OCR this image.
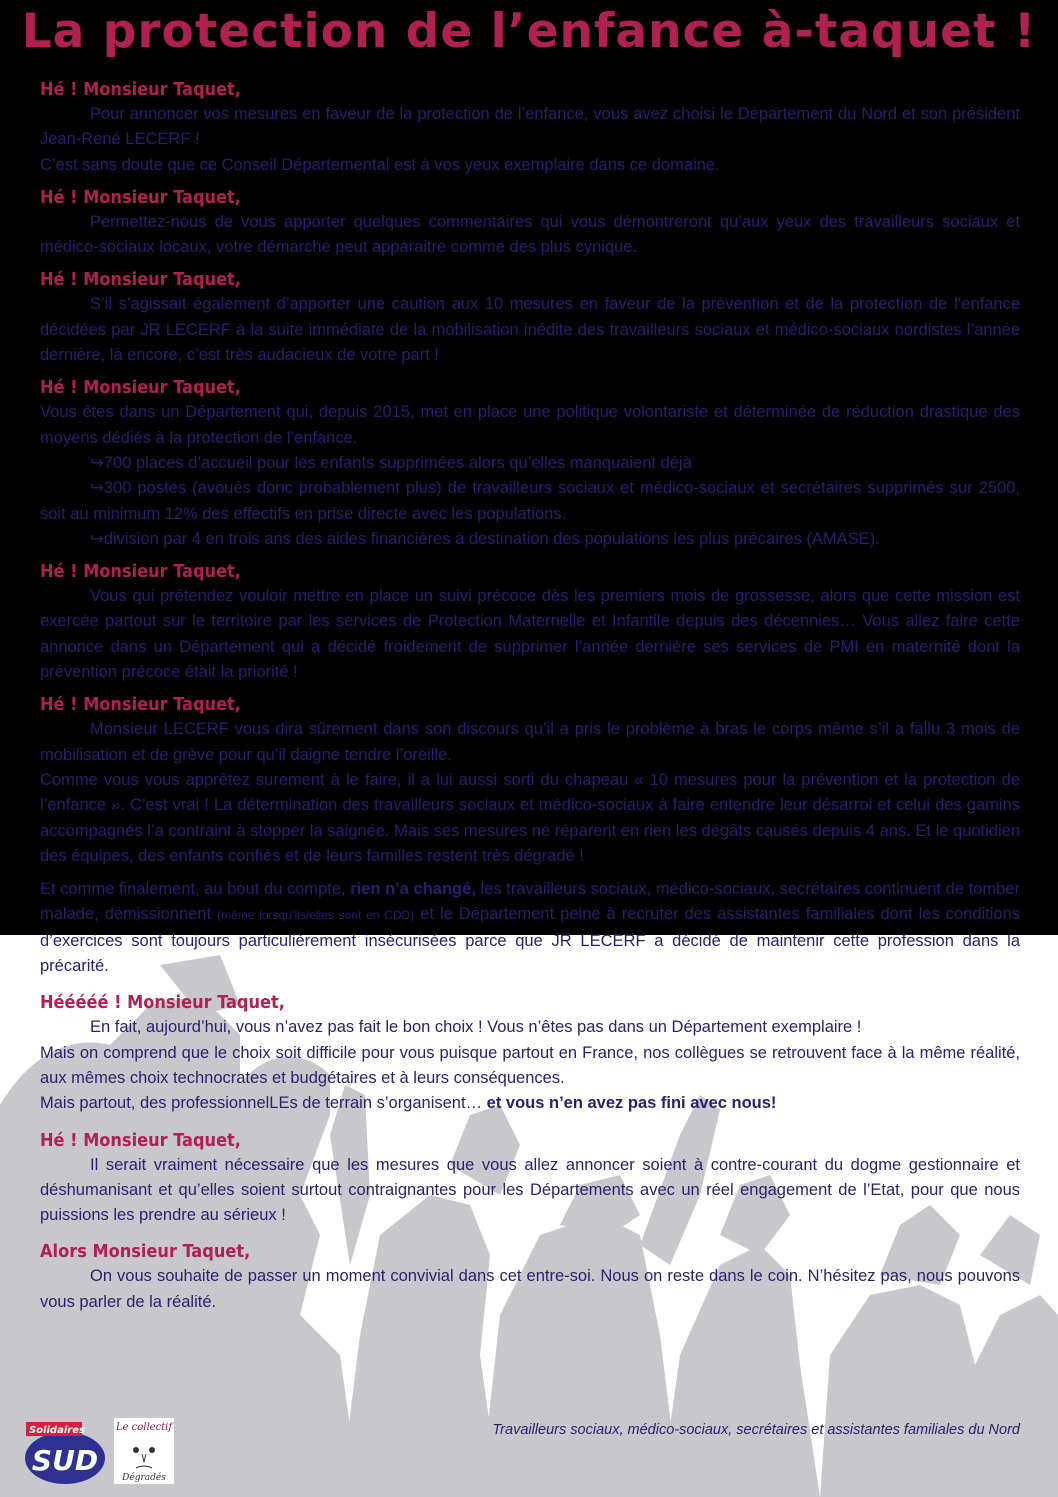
La protection de l’enfance à-taquet !
Hé ! Monsieur Taquet,

Pour annoncer vos mesures en faveur de la protection de l’enfance, vous avez choisi le Département du Nord et son président Jean-René LECERF !

C’est sans doute que ce Conseil Départemental est à vos yeux exemplaire dans ce domaine.

Hé ! Monsieur Taquet,

Permettez-nous de vous apporter quelques commentaires qui vous démontreront qu’aux yeux des travailleurs sociaux et médico-sociaux locaux, votre démarche peut apparaitre comme des plus cynique.

Hé ! Monsieur Taquet,

S’il s’agissait également d’apporter une caution aux 10 mesures en faveur de la prévention et de la protection de l’enfance décidées par JR LECERF à la suite immédiate de la mobilisation inédite des travailleurs sociaux et médico-sociaux nordistes l’année dernière, là encore, c’est très audacieux de votre part !

Hé ! Monsieur Taquet,

Vous êtes dans un Département qui, depuis 2015, met en place une politique volontariste et déterminée de réduction drastique des moyens dédiés à la protection de l’enfance.

↪700 places d’accueil pour les enfants supprimées alors qu’elles manquaient déjà

↪300 postes (avoués donc probablement plus) de travailleurs sociaux et médico-sociaux et secrétaires supprimés sur 2500, soit au minimum 12% des effectifs en prise directe avec les populations.

↪division par 4 en trois ans des aides financières à destination des populations les plus précaires (AMASE).

Hé ! Monsieur Taquet,

Vous qui prétendez vouloir mettre en place un suivi précoce dès les premiers mois de grossesse, alors que cette mission est exercée partout sur le territoire par les services de Protection Maternelle et Infantile depuis des décennies… Vous allez faire cette annonce dans un Département qui a décidé froidement de supprimer l’année dernière ses services de PMI en maternité dont la prévention précoce était la priorité !

Hé ! Monsieur Taquet,

Monsieur LECERF vous dira sûrement dans son discours qu’il a pris le problème à bras le corps même s’il a fallu 3 mois de mobilisation et de grève pour qu’il daigne tendre l’oreille.

Comme vous vous apprêtez surement à le faire, il a lui aussi sorti du chapeau « 10 mesures pour la prévention et la protection de l’enfance ». C’est vrai ! La détermination des travailleurs sociaux et médico-sociaux à faire entendre leur désarroi et celui des gamins accompagnés l’a contraint à stopper la saignée. Mais ses mesures ne réparent en rien les dégâts causés depuis 4 ans. Et le quotidien des équipes, des enfants confiés et de leurs familles restent très dégradé !

Et comme finalement, au bout du compte, rien n’a changé, les travailleurs sociaux, médico-sociaux, secrétaires continuent de tomber malade, démissionnent (même lorsqu’ils/elles sont en CDD) et le Département peine à recruter des assistantes familiales dont les conditions d’exercices sont toujours particulièrement insécurisées parce que JR LECERF a décidé de maintenir cette profession dans la précarité.

Hééééé ! Monsieur Taquet,

En fait, aujourd’hui, vous n’avez pas fait le bon choix ! Vous n’êtes pas dans un Département exemplaire !

Mais on comprend que le choix soit difficile pour vous puisque partout en France, nos collègues se retrouvent face à la même réalité, aux mêmes choix technocrates et budgétaires et à leurs conséquences.

Mais partout, des professionnelLEs de terrain s’organisent… et vous n’en avez pas fini avec nous!

Hé ! Monsieur Taquet,

Il serait vraiment nécessaire que les mesures que vous allez annoncer soient à contre-courant du dogme gestionnaire et déshumanisant et qu’elles soient surtout contraignantes pour les Départements avec un réel engagement de l’Etat, pour que nous puissions les prendre au sérieux !

Alors Monsieur Taquet,

On vous souhaite de passer un moment convivial dans cet entre-soi. Nous on reste dans le coin. N’hésitez pas, nous pouvons vous parler de la réalité.

Solidaires
SUD
Le collectif
Dégradés
Travailleurs sociaux, médico-sociaux, secrétaires et assistantes familiales du Nord
